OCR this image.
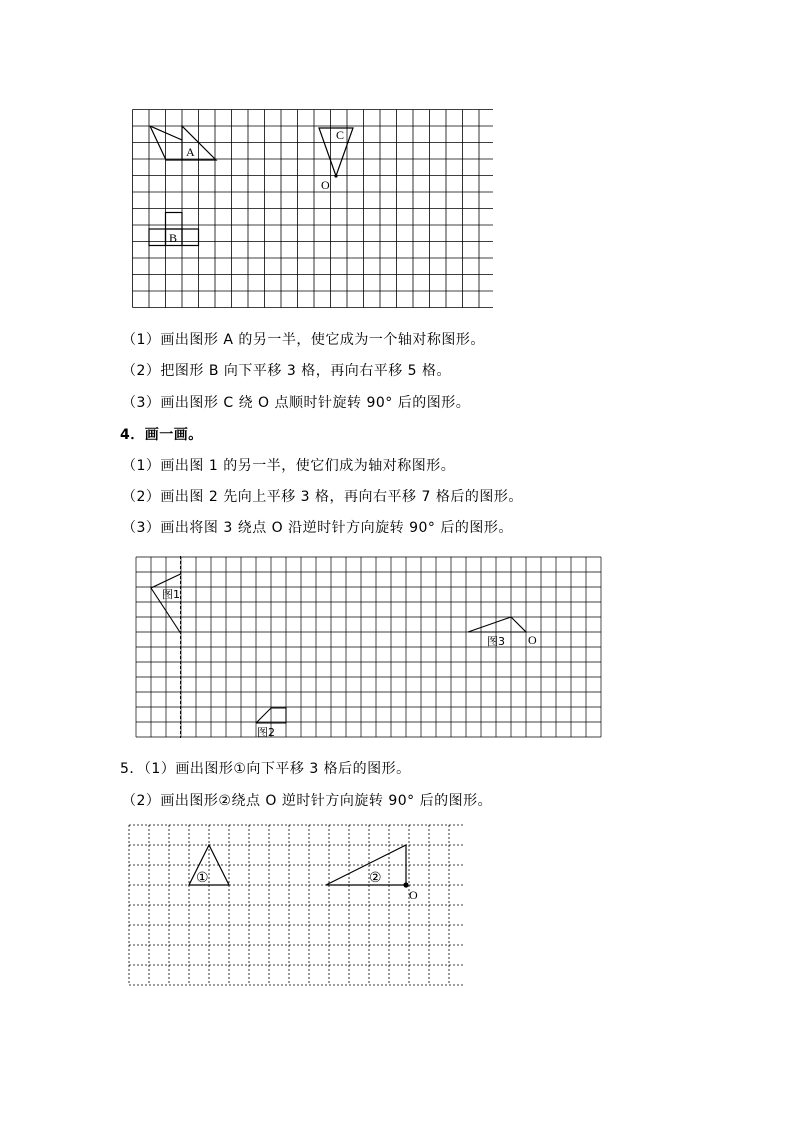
A
B
C
O
（1）画出图形 A 的另一半，使它成为一个轴对称图形。
（2）把图形 B 向下平移 3 格，再向右平移 5 格。
（3）画出图形 C 绕 O 点顺时针旋转 90° 后的图形。
4．画一画。
（1）画出图 1 的另一半，使它们成为轴对称图形。
（2）画出图 2 先向上平移 3 格，再向右平移 7 格后的图形。
（3）画出将图 3 绕点 O 沿逆时针方向旋转 90° 后的图形。
图1
图3 O
图2
5．（1）画出图形①向下平移 3 格后的图形。
（2）画出图形②绕点 O 逆时针方向旋转 90° 后的图形。
①	②
O
